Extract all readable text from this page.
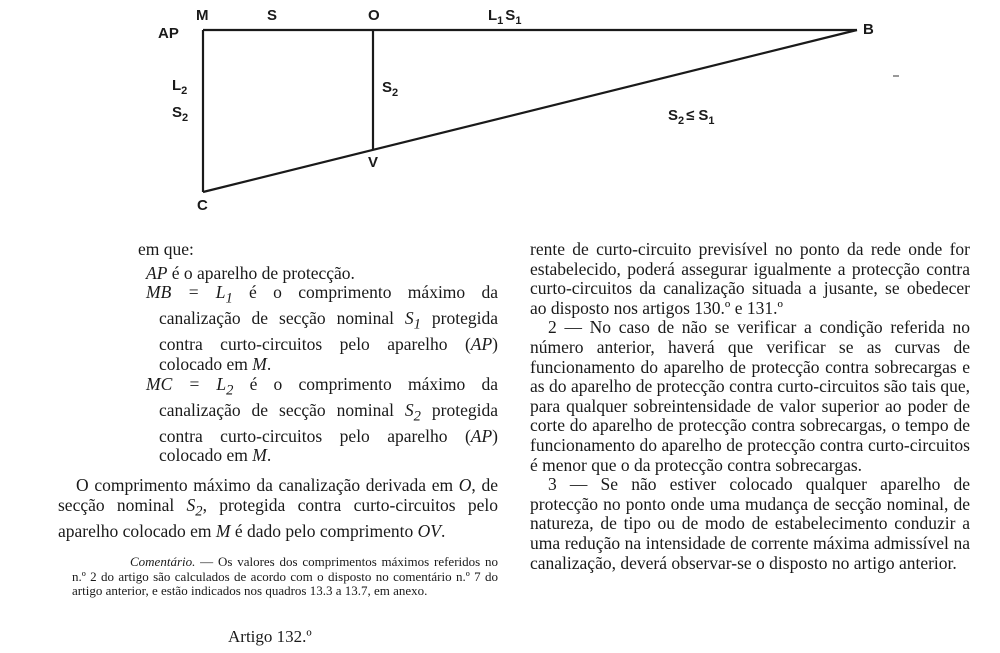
AP
M	S	O	$L_1$ $S_1$	B
$L_2$
$S_2$
$S_2$
$S_2 \le S_1$
V
C

em que:

AP é o aparelho de protecção.

MB = $L_1$ é o comprimento máximo da canalização de secção nominal $S_1$ protegida contra curto-circuitos pelo aparelho (AP) colocado em M.

MC = $L_2$ é o comprimento máximo da canalização de secção nominal $S_2$ protegida contra curto-circuitos pelo aparelho (AP) colocado em M.

O comprimento máximo da canalização derivada em O, de secção nominal $S_2$, protegida contra curto-circuitos pelo aparelho colocado em M é dado pelo comprimento OV.

Comentário. — Os valores dos comprimentos máximos referidos no n.º 2 do artigo são calculados de acordo com o disposto no comentário n.º 7 do artigo anterior, e estão indicados nos quadros 13.3 a 13.7, em anexo.

Artigo 132.º

rente de curto-circuito previsível no ponto da rede onde for estabelecido, poderá assegurar igualmente a protecção contra curto-circuitos da canalização situada a jusante, se obedecer ao disposto nos artigos 130.º e 131.º

2 — No caso de não se verificar a condição referida no número anterior, haverá que verificar se as curvas de funcionamento do aparelho de protecção contra sobrecargas e as do aparelho de protecção contra curto-circuitos são tais que, para qualquer sobreintensidade de valor superior ao poder de corte do aparelho de protecção contra sobrecargas, o tempo de funcionamento do aparelho de protecção contra curto-circuitos é menor que o da protecção contra sobrecargas.

3 — Se não estiver colocado qualquer aparelho de protecção no ponto onde uma mudança de secção nominal, de natureza, de tipo ou de modo de estabelecimento conduzir a uma redução na intensidade de corrente máxima admissível na canalização, deverá observar-se o disposto no artigo anterior.
